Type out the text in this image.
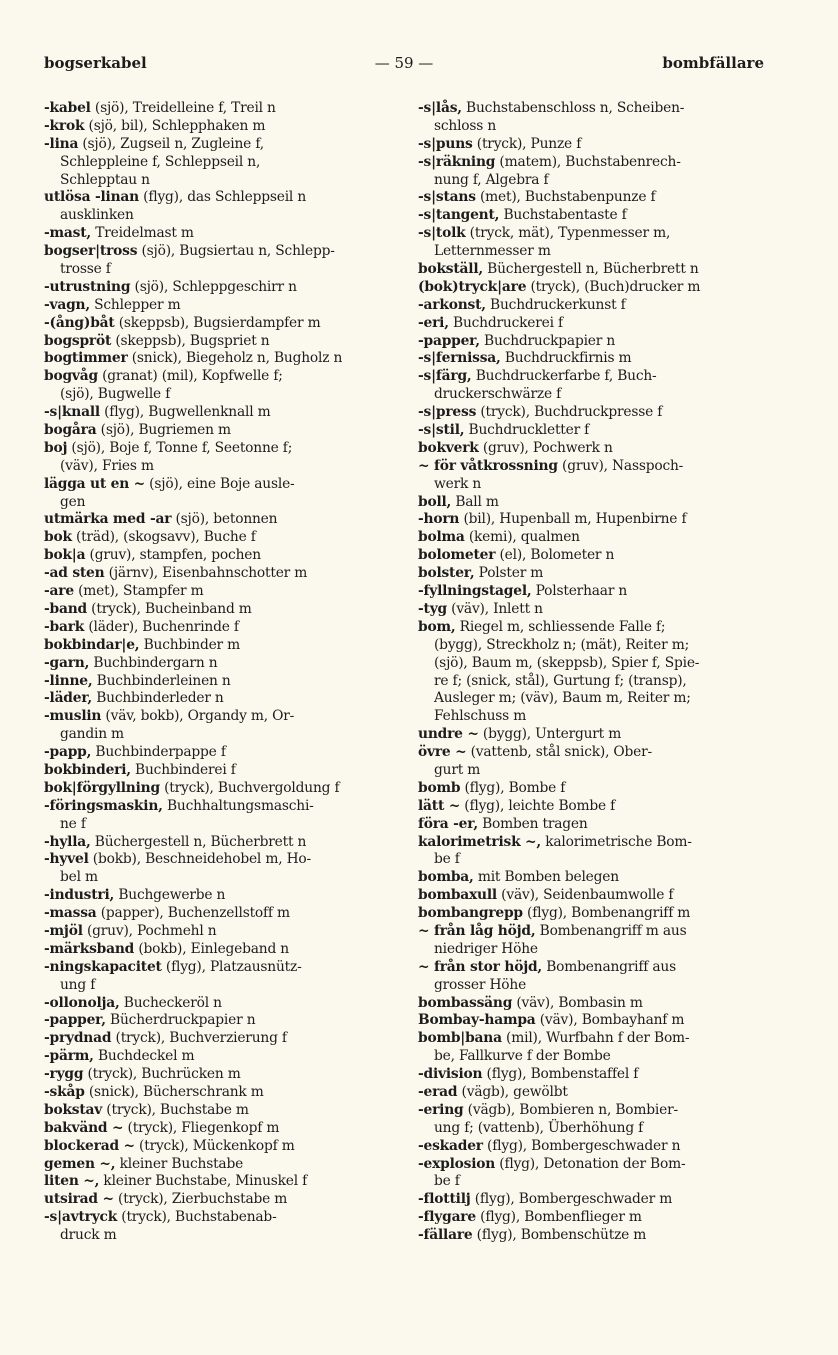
bogserkabel	— 59 —	bombfällare
-kabel (sjö), Treidelleine f, Treil n
-krok (sjö, bil), Schlepphaken m
-lina (sjö), Zugseil n, Zugleine f,
Schleppleine f, Schleppseil n,
Schlepptau n
utlösa -linan (flyg), das Schleppseil n
ausklinken
-mast, Treidelmast m
bogser|tross (sjö), Bugsiertau n, Schlepp-
trosse f
-utrustning (sjö), Schleppgeschirr n
-vagn, Schlepper m
-(ång)båt (skeppsb), Bugsierdampfer m
bogspröt (skeppsb), Bugspriet n
bogtimmer (snick), Biegeholz n, Bugholz n
bogvåg (granat) (mil), Kopfwelle f;
(sjö), Bugwelle f
-s|knall (flyg), Bugwellenknall m
bogåra (sjö), Bugriemen m
boj (sjö), Boje f, Tonne f, Seetonne f;
(väv), Fries m
lägga ut en ~ (sjö), eine Boje ausle-
gen
utmärka med -ar (sjö), betonnen
bok (träd), (skogsavv), Buche f
bok|a (gruv), stampfen, pochen
-ad sten (järnv), Eisenbahnschotter m
-are (met), Stampfer m
-band (tryck), Bucheinband m
-bark (läder), Buchenrinde f
bokbindar|e, Buchbinder m
-garn, Buchbindergarn n
-linne, Buchbinderleinen n
-läder, Buchbinderleder n
-muslin (väv, bokb), Organdy m, Or-
gandin m
-papp, Buchbinderpappe f
bokbinderi, Buchbinderei f
bok|förgyllning (tryck), Buchvergoldung f
-föringsmaskin, Buchhaltungsmaschi-
ne f
-hylla, Büchergestell n, Bücherbrett n
-hyvel (bokb), Beschneidehobel m, Ho-
bel m
-industri, Buchgewerbe n
-massa (papper), Buchenzellstoff m
-mjöl (gruv), Pochmehl n
-märksband (bokb), Einlegeband n
-ningskapacitet (flyg), Platzausnütz-
ung f
-ollonolja, Bucheckeröl n
-papper, Bücherdruckpapier n
-prydnad (tryck), Buchverzierung f
-pärm, Buchdeckel m
-rygg (tryck), Buchrücken m
-skåp (snick), Bücherschrank m
bokstav (tryck), Buchstabe m
bakvänd ~ (tryck), Fliegenkopf m
blockerad ~ (tryck), Mückenkopf m
gemen ~, kleiner Buchstabe
liten ~, kleiner Buchstabe, Minuskel f
utsirad ~ (tryck), Zierbuchstabe m
-s|avtryck (tryck), Buchstabenab-
druck m
-s|lås, Buchstabenschloss n, Scheiben-
schloss n
-s|puns (tryck), Punze f
-s|räkning (matem), Buchstabenrech-
nung f, Algebra f
-s|stans (met), Buchstabenpunze f
-s|tangent, Buchstabentaste f
-s|tolk (tryck, mät), Typenmesser m,
Letternmesser m
bokställ, Büchergestell n, Bücherbrett n
(bok)tryck|are (tryck), (Buch)drucker m
-arkonst, Buchdruckerkunst f
-eri, Buchdruckerei f
-papper, Buchdruckpapier n
-s|fernissa, Buchdruckfirnis m
-s|färg, Buchdruckerfarbe f, Buch-
druckerschwärze f
-s|press (tryck), Buchdruckpresse f
-s|stil, Buchdruckletter f
bokverk (gruv), Pochwerk n
~ för våtkrossning (gruv), Nasspoch-
werk n
boll, Ball m
-horn (bil), Hupenball m, Hupenbirne f
bolma (kemi), qualmen
bolometer (el), Bolometer n
bolster, Polster m
-fyllningstagel, Polsterhaar n
-tyg (väv), Inlett n
bom, Riegel m, schliessende Falle f;
(bygg), Streckholz n; (mät), Reiter m;
(sjö), Baum m, (skeppsb), Spier f, Spie-
re f; (snick, stål), Gurtung f; (transp),
Ausleger m; (väv), Baum m, Reiter m;
Fehlschuss m
undre ~ (bygg), Untergurt m
övre ~ (vattenb, stål snick), Ober-
gurt m
bomb (flyg), Bombe f
lätt ~ (flyg), leichte Bombe f
föra -er, Bomben tragen
kalorimetrisk ~, kalorimetrische Bom-
be f
bomba, mit Bomben belegen
bombaxull (väv), Seidenbaumwolle f
bombangrepp (flyg), Bombenangriff m
~ från låg höjd, Bombenangriff m aus
niedriger Höhe
~ från stor höjd, Bombenangriff aus
grosser Höhe
bombassäng (väv), Bombasin m
Bombay-hampa (väv), Bombayhanf m
bomb|bana (mil), Wurfbahn f der Bom-
be, Fallkurve f der Bombe
-division (flyg), Bombenstaffel f
-erad (vägb), gewölbt
-ering (vägb), Bombieren n, Bombier-
ung f; (vattenb), Überhöhung f
-eskader (flyg), Bombergeschwader n
-explosion (flyg), Detonation der Bom-
be f
-flottilj (flyg), Bombergeschwader m
-flygare (flyg), Bombenflieger m
-fällare (flyg), Bombenschütze m
